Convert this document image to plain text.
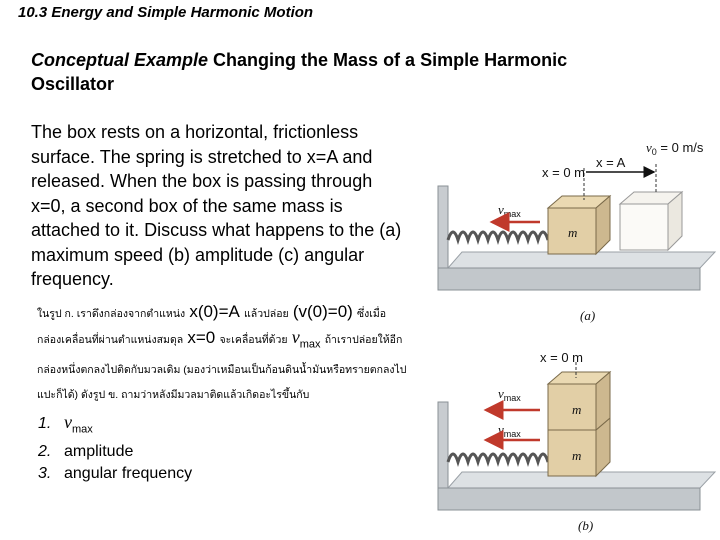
10.3 Energy and Simple Harmonic Motion
Conceptual Example Changing the Mass of a Simple Harmonic Oscillator
The box rests on a horizontal, frictionless surface. The spring is stretched to x=A and released. When the box is passing through x=0, a second box of the same mass is attached to it. Discuss what happens to the (a) maximum speed (b) amplitude (c) angular frequency.
ในรูป ก. เราดึงกล่องจากตำแหน่ง x(0)=A แล้วปล่อย (v(0)=0) ซึ่งเมื่อกล่องเคลื่อนที่ผ่านตำแหน่งสมดุล x=0 จะเคลื่อนที่ด้วย $v_{max}$ ถ้าเราปล่อยให้อีกกล่องหนึ่งตกลงไปติดกับมวลเดิม (มองว่าเหมือนเป็นก้อนดินน้ำมันหรือทรายตกลงไปแปะก็ได้) ดังรูป ข. ถามว่าหลังมีมวลมาติดแล้วเกิดอะไรขึ้นกับ
1. $v_{max}$
2. amplitude
3. angular frequency
m
$v_0 = 0$ m/s
x = 0 m
x = A
$v_{max}$
(a)
m
m
x = 0 m
$v_{max}$
$v_{max}$
(b)
